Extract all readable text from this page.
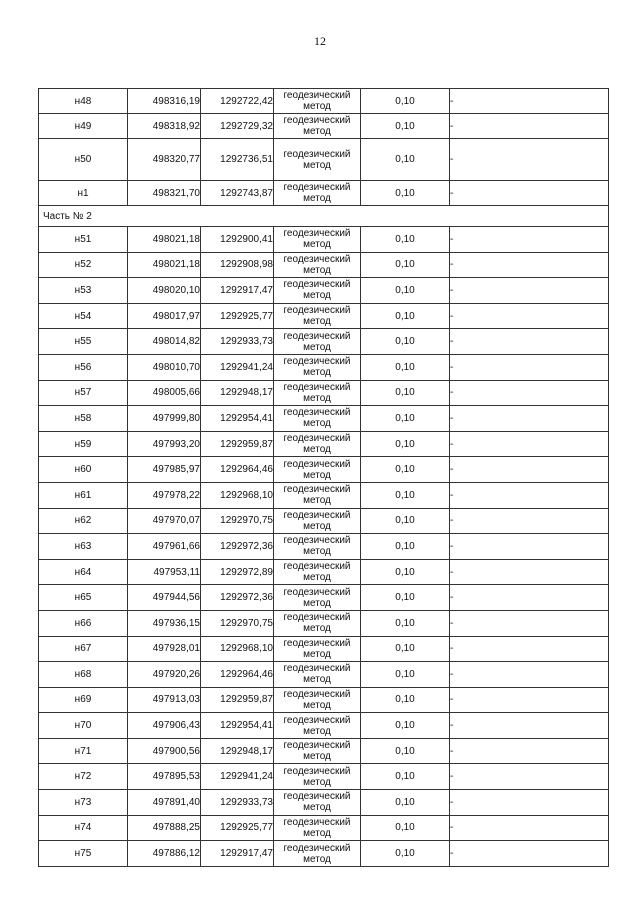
12
н48	498316,19	1292722,42	геодезический метод	0,10	-
н49	498318,92	1292729,32	геодезический метод	0,10	-
н50	498320,77	1292736,51	геодезический метод	0,10	-
н1	498321,70	1292743,87	геодезический метод	0,10	-
Часть № 2					
н51	498021,18	1292900,41	геодезический метод	0,10	-
н52	498021,18	1292908,98	геодезический метод	0,10	-
н53	498020,10	1292917,47	геодезический метод	0,10	-
н54	498017,97	1292925,77	геодезический метод	0,10	-
н55	498014,82	1292933,73	геодезический метод	0,10	-
н56	498010,70	1292941,24	геодезический метод	0,10	-
н57	498005,66	1292948,17	геодезический метод	0,10	-
н58	497999,80	1292954,41	геодезический метод	0,10	-
н59	497993,20	1292959,87	геодезический метод	0,10	-
н60	497985,97	1292964,46	геодезический метод	0,10	-
н61	497978,22	1292968,10	геодезический метод	0,10	-
н62	497970,07	1292970,75	геодезический метод	0,10	-
н63	497961,66	1292972,36	геодезический метод	0,10	-
н64	497953,11	1292972,89	геодезический метод	0,10	-
н65	497944,56	1292972,36	геодезический метод	0,10	-
н66	497936,15	1292970,75	геодезический метод	0,10	-
н67	497928,01	1292968,10	геодезический метод	0,10	-
н68	497920,26	1292964,46	геодезический метод	0,10	-
н69	497913,03	1292959,87	геодезический метод	0,10	-
н70	497906,43	1292954,41	геодезический метод	0,10	-
н71	497900,56	1292948,17	геодезический метод	0,10	-
н72	497895,53	1292941,24	геодезический метод	0,10	-
н73	497891,40	1292933,73	геодезический метод	0,10	-
н74	497888,25	1292925,77	геодезический метод	0,10	-
н75	497886,12	1292917,47	геодезический метод	0,10	-
